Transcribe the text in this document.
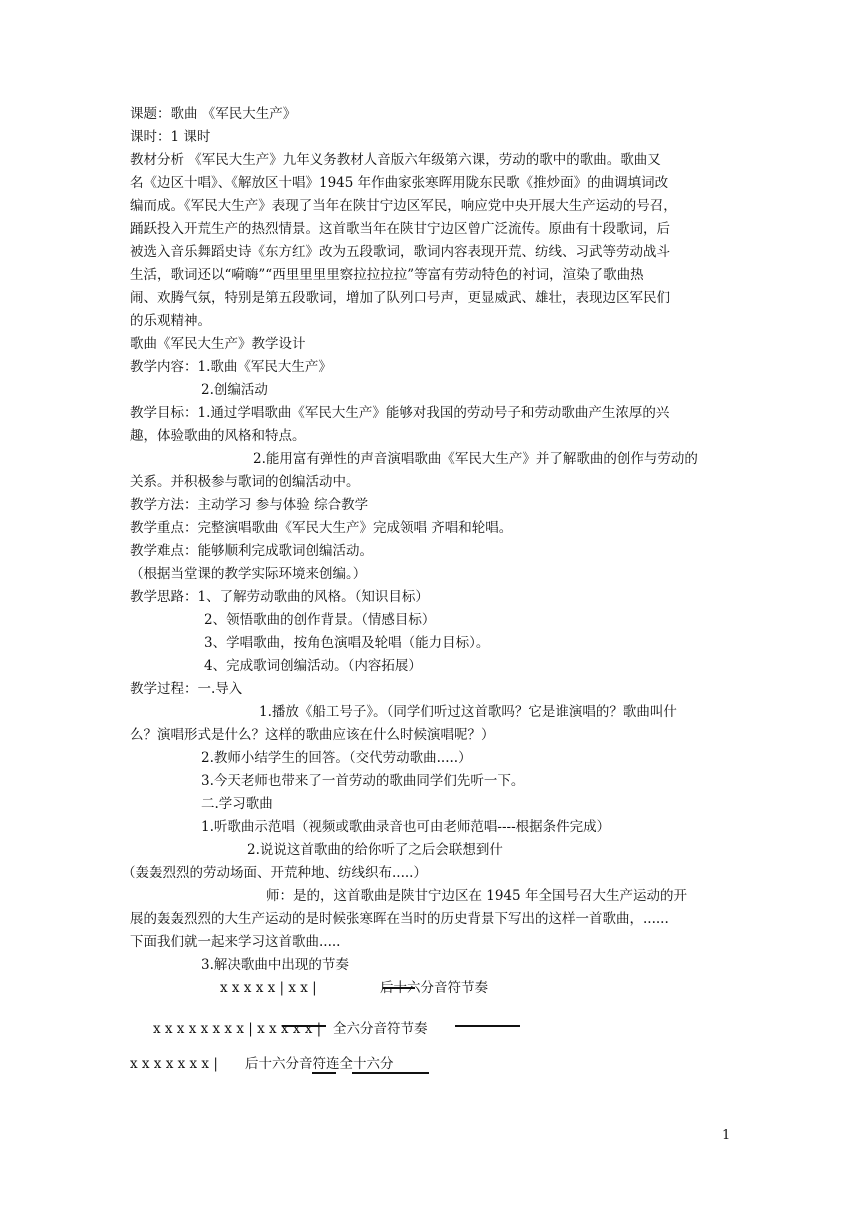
课题：歌曲 《军民大生产》
课时：1 课时
教材分析 《军民大生产》九年义务教材人音版六年级第六课，劳动的歌中的歌曲。歌曲又
名《边区十唱》、《解放区十唱》1945 年作曲家张寒晖用陇东民歌《推炒面》的曲调填词改
编而成。《军民大生产》表现了当年在陕甘宁边区军民，响应党中央开展大生产运动的号召，
踊跃投入开荒生产的热烈情景。这首歌当年在陕甘宁边区曾广泛流传。原曲有十段歌词，后
被选入音乐舞蹈史诗《东方红》改为五段歌词，歌词内容表现开荒、纺线、习武等劳动战斗
生活，歌词还以“嗬嗨”“西里里里里察拉拉拉拉”等富有劳动特色的衬词，渲染了歌曲热
闹、欢腾气氛，特别是第五段歌词，增加了队列口号声，更显威武、雄壮，表现边区军民们
的乐观精神。
歌曲《军民大生产》教学设计
教学内容：1.歌曲《军民大生产》
2.创编活动
教学目标：1.通过学唱歌曲《军民大生产》能够对我国的劳动号子和劳动歌曲产生浓厚的兴
趣，体验歌曲的风格和特点。
2.能用富有弹性的声音演唱歌曲《军民大生产》并了解歌曲的创作与劳动的
关系。并积极参与歌词的创编活动中。
教学方法：主动学习 参与体验 综合教学
教学重点：完整演唱歌曲《军民大生产》完成领唱 齐唱和轮唱。
教学难点：能够顺利完成歌词创编活动。
（根据当堂课的教学实际环境来创编。）
教学思路：1、了解劳动歌曲的风格。（知识目标）
2、领悟歌曲的创作背景。（情感目标）
3、学唱歌曲，按角色演唱及轮唱（能力目标）。
4、完成歌词创编活动。（内容拓展）
教学过程：一.导入
1.播放《船工号子》。（同学们听过这首歌吗？它是谁演唱的？歌曲叫什
么？演唱形式是什么？这样的歌曲应该在什么时候演唱呢？）
2.教师小结学生的回答。（交代劳动歌曲.....）
3.今天老师也带来了一首劳动的歌曲同学们先听一下。
二.学习歌曲
1.听歌曲示范唱（视频或歌曲录音也可由老师范唱----根据条件完成）
2.说说这首歌曲的给你听了之后会联想到什
（轰轰烈烈的劳动场面、开荒种地、纺线织布.....）
师：是的，这首歌曲是陕甘宁边区在 1945 年全国号召大生产运动的开
展的轰轰烈烈的大生产运动的是时候张寒晖在当时的历史背景下写出的这样一首歌曲，......
下面我们就一起来学习这首歌曲.....
3.解决歌曲中出现的节奏
x x x x x | x x |	后十六分音符节奏
x x x x x x x x | x x x x x | 全六分音符节奏
x x x x x x x |	后十六分音符连全十六分
1
